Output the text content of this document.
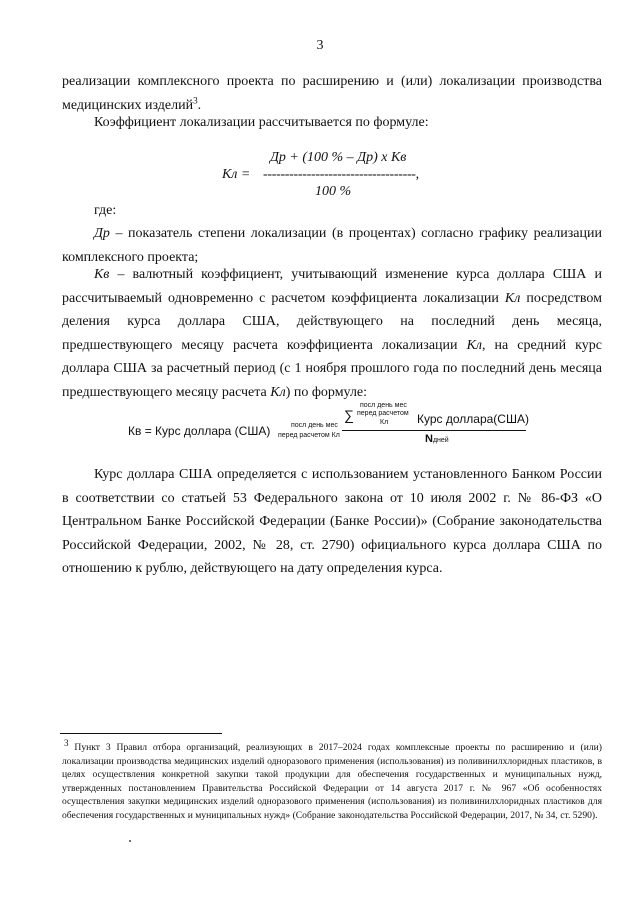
3
реализации комплексного проекта по расширению и (или) локализации производства медицинских изделий$^3$.
Коэффициент локализации рассчитывается по формуле:
Др + (100 % – Др) x Кв
Кл = -----------------------------------,
100 %
где:
Др – показатель степени локализации (в процентах) согласно графику реализации комплексного проекта;
Кв – валютный коэффициент, учитывающий изменение курса доллара США и рассчитываемый одновременно с расчетом коэффициента локализации Кл посредством деления курса доллара США, действующего на последний день месяца, предшествующего месяцу расчета коэффициента локализации Кл, на средний курс доллара США за расчетный период (с 1 ноября прошлого года по последний день месяца предшествующего месяцу расчета Кл) по формуле:
Кв = Курс доллара (США)	посл день мес
перед расчетом Кл
посл день мес
перед расчетом
∑	Кл Курс доллара(США)
Nдней
Курс доллара США определяется с использованием установленного Банком России в соответствии со статьей 53 Федерального закона от 10 июля 2002 г. № 86-ФЗ «О Центральном Банке Российской Федерации (Банке России)» (Собрание законодательства Российской Федерации, 2002, № 28, ст. 2790) официального курса доллара США по отношению к рублю, действующего на дату определения курса.
$^3$ Пункт 3 Правил отбора организаций, реализующих в 2017–2024 годах комплексные проекты по расширению и (или) локализации производства медицинских изделий одноразового применения (использования) из поливинилхлоридных пластиков, в целях осуществления конкретной закупки такой продукции для обеспечения государственных и муниципальных нужд, утвержденных постановлением Правительства Российской Федерации от 14 августа 2017 г. № 967 «Об особенностях осуществления закупки медицинских изделий одноразового применения (использования) из поливинилхлоридных пластиков для обеспечения государственных и муниципальных нужд» (Собрание законодательства Российской Федерации, 2017, № 34, ст. 5290).
